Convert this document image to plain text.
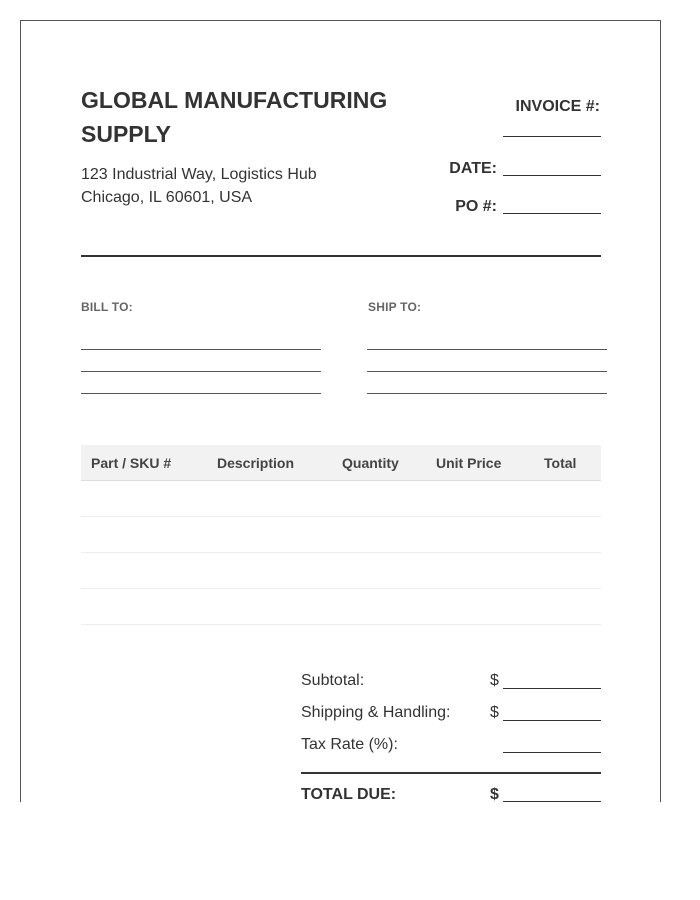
GLOBAL MANUFACTURING SUPPLY
123 Industrial Way, Logistics Hub
Chicago, IL 60601, USA
INVOICE #:
DATE:
PO #:
BILL TO:	SHIP TO:
Part / SKU #	Description	Quantity	Unit Price	Total

Subtotal:	$
Shipping & Handling: $
Tax Rate (%):
TOTAL DUE:	$
